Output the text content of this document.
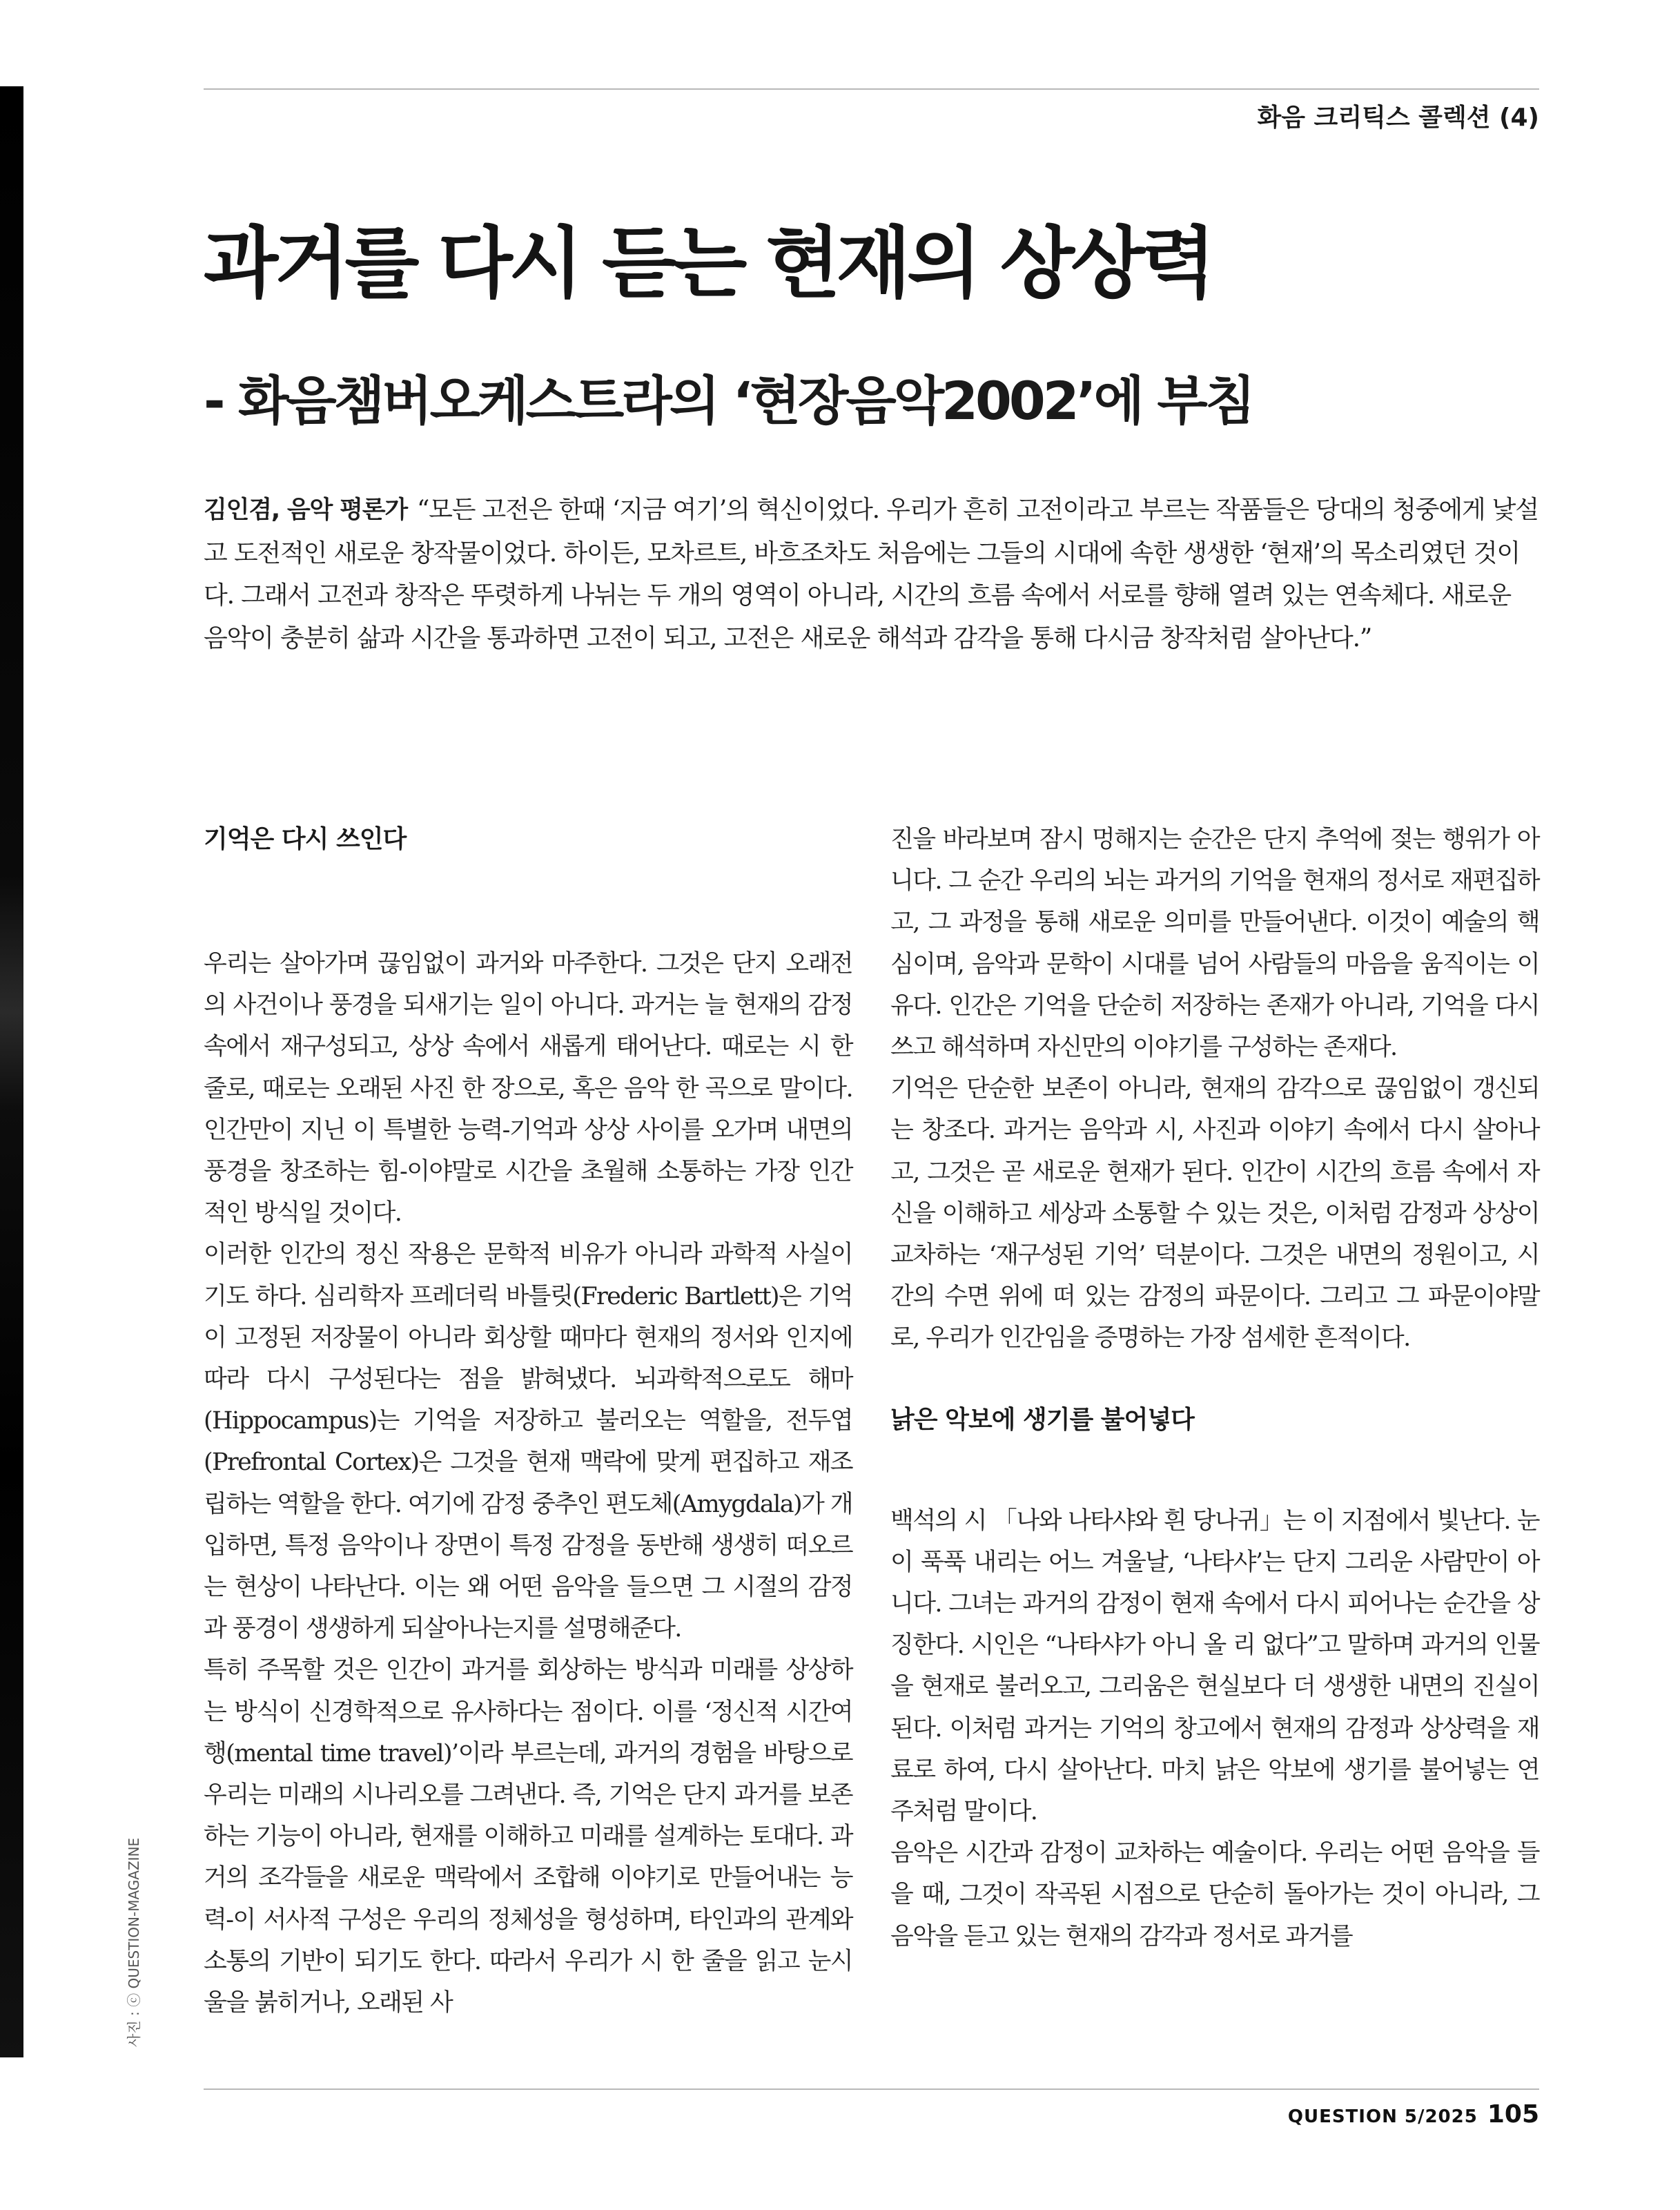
화음 크리틱스 콜렉션 (4)
과거를 다시 듣는 현재의 상상력
- 화음챔버오케스트라의 ‘현장음악2002’에 부침
김인겸, 음악 평론가 “모든 고전은 한때 ‘지금 여기’의 혁신이었다. 우리가 흔히 고전이라고 부르는 작품들은 당대의 청중에게 낯설고 도전적인 새로운 창작물이었다. 하이든, 모차르트, 바흐조차도 처음에는 그들의 시대에 속한 생생한 ‘현재’의 목소리였던 것이다. 그래서 고전과 창작은 뚜렷하게 나뉘는 두 개의 영역이 아니라, 시간의 흐름 속에서 서로를 향해 열려 있는 연속체다. 새로운 음악이 충분히 삶과 시간을 통과하면 고전이 되고, 고전은 새로운 해석과 감각을 통해 다시금 창작처럼 살아난다.”
기억은 다시 쓰인다

우리는 살아가며 끊임없이 과거와 마주한다. 그것은 단지 오래전의 사건이나 풍경을 되새기는 일이 아니다. 과거는 늘 현재의 감정 속에서 재구성되고, 상상 속에서 새롭게 태어난다. 때로는 시 한 줄로, 때로는 오래된 사진 한 장으로, 혹은 음악 한 곡으로 말이다. 인간만이 지닌 이 특별한 능력-기억과 상상 사이를 오가며 내면의 풍경을 창조하는 힘-이야말로 시간을 초월해 소통하는 가장 인간적인 방식일 것이다.

이러한 인간의 정신 작용은 문학적 비유가 아니라 과학적 사실이기도 하다. 심리학자 프레더릭 바틀릿(Frederic Bartlett)은 기억이 고정된 저장물이 아니라 회상할 때마다 현재의 정서와 인지에 따라 다시 구성된다는 점을 밝혀냈다. 뇌과학적으로도 해마(Hippocampus)는 기억을 저장하고 불러오는 역할을, 전두엽(Prefrontal Cortex)은 그것을 현재 맥락에 맞게 편집하고 재조립하는 역할을 한다. 여기에 감정 중추인 편도체(Amygdala)가 개입하면, 특정 음악이나 장면이 특정 감정을 동반해 생생히 떠오르는 현상이 나타난다. 이는 왜 어떤 음악을 들으면 그 시절의 감정과 풍경이 생생하게 되살아나는지를 설명해준다.

특히 주목할 것은 인간이 과거를 회상하는 방식과 미래를 상상하는 방식이 신경학적으로 유사하다는 점이다. 이를 ‘정신적 시간여행(mental time travel)’이라 부르는데, 과거의 경험을 바탕으로 우리는 미래의 시나리오를 그려낸다. 즉, 기억은 단지 과거를 보존하는 기능이 아니라, 현재를 이해하고 미래를 설계하는 토대다. 과거의 조각들을 새로운 맥락에서 조합해 이야기로 만들어내는 능력-이 서사적 구성은 우리의 정체성을 형성하며, 타인과의 관계와 소통의 기반이 되기도 한다. 따라서 우리가 시 한 줄을 읽고 눈시울을 붉히거나, 오래된 사

진을 바라보며 잠시 멍해지는 순간은 단지 추억에 젖는 행위가 아니다. 그 순간 우리의 뇌는 과거의 기억을 현재의 정서로 재편집하고, 그 과정을 통해 새로운 의미를 만들어낸다. 이것이 예술의 핵심이며, 음악과 문학이 시대를 넘어 사람들의 마음을 움직이는 이유다. 인간은 기억을 단순히 저장하는 존재가 아니라, 기억을 다시 쓰고 해석하며 자신만의 이야기를 구성하는 존재다.

기억은 단순한 보존이 아니라, 현재의 감각으로 끊임없이 갱신되는 창조다. 과거는 음악과 시, 사진과 이야기 속에서 다시 살아나고, 그것은 곧 새로운 현재가 된다. 인간이 시간의 흐름 속에서 자신을 이해하고 세상과 소통할 수 있는 것은, 이처럼 감정과 상상이 교차하는 ‘재구성된 기억’ 덕분이다. 그것은 내면의 정원이고, 시간의 수면 위에 떠 있는 감정의 파문이다. 그리고 그 파문이야말로, 우리가 인간임을 증명하는 가장 섬세한 흔적이다.

낡은 악보에 생기를 불어넣다

백석의 시 「나와 나타샤와 흰 당나귀」는 이 지점에서 빛난다. 눈이 푹푹 내리는 어느 겨울날, ‘나타샤’는 단지 그리운 사람만이 아니다. 그녀는 과거의 감정이 현재 속에서 다시 피어나는 순간을 상징한다. 시인은 “나타샤가 아니 올 리 없다”고 말하며 과거의 인물을 현재로 불러오고, 그리움은 현실보다 더 생생한 내면의 진실이 된다. 이처럼 과거는 기억의 창고에서 현재의 감정과 상상력을 재료로 하여, 다시 살아난다. 마치 낡은 악보에 생기를 불어넣는 연주처럼 말이다.

음악은 시간과 감정이 교차하는 예술이다. 우리는 어떤 음악을 들을 때, 그것이 작곡된 시점으로 단순히 돌아가는 것이 아니라, 그 음악을 듣고 있는 현재의 감각과 정서로 과거를

사진 : ⓒ QUESTION-MAGAZINE
QUESTION 5/2025 105
